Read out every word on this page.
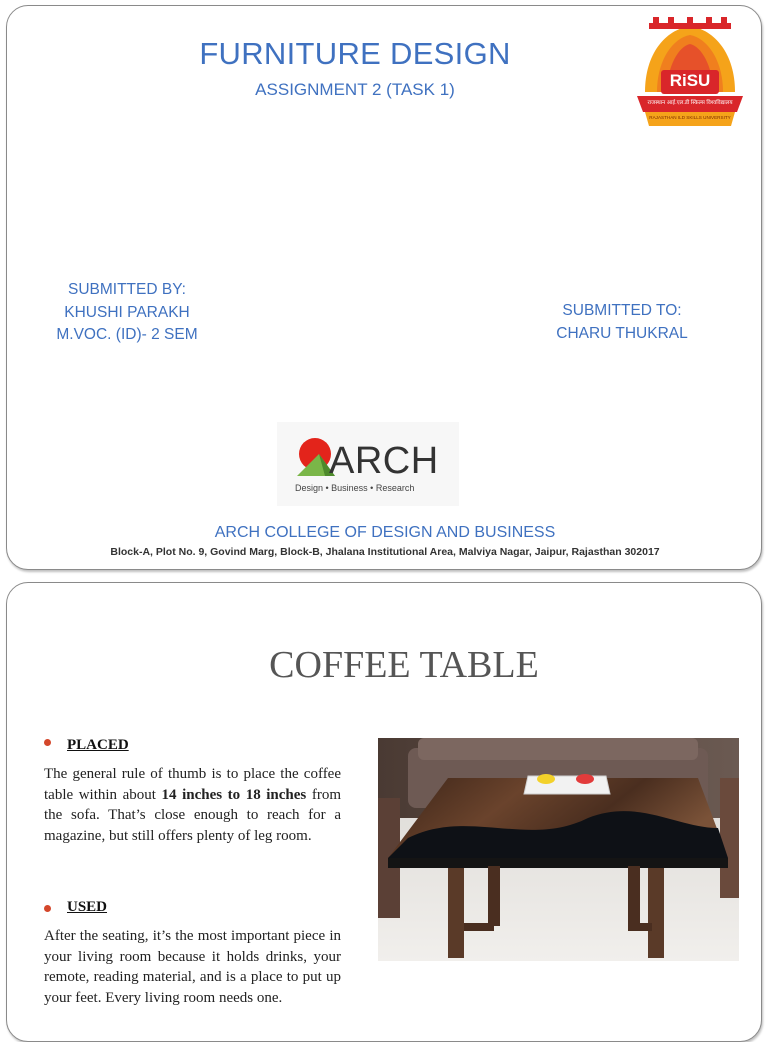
FURNITURE DESIGN
ASSIGNMENT 2 (TASK 1)	RiSU
राजस्थान आई.एल.डी स्किल्स विश्वविद्यालय
RAJASTHAN ILD SKILLS UNIVERSITY
SUBMITTED BY:
KHUSHI PARAKH
M.VOC. (ID)- 2 SEM
SUBMITTED TO:
CHARU THUKRAL
ARCH
Design • Business • Research
ARCH COLLEGE OF DESIGN AND BUSINESS
Block-A, Plot No. 9, Govind Marg, Block-B, Jhalana Institutional Area, Malviya Nagar, Jaipur, Rajasthan 302017
COFFEE TABLE
PLACED
The general rule of thumb is to place the coffee table within about 14 inches to 18 inches from the sofa. That’s close enough to reach for a magazine, but still offers plenty of leg room.
USED
After the seating, it’s the most important piece in your living room because it holds drinks, your remote, reading material, and is a place to put up your feet. Every living room needs one.
